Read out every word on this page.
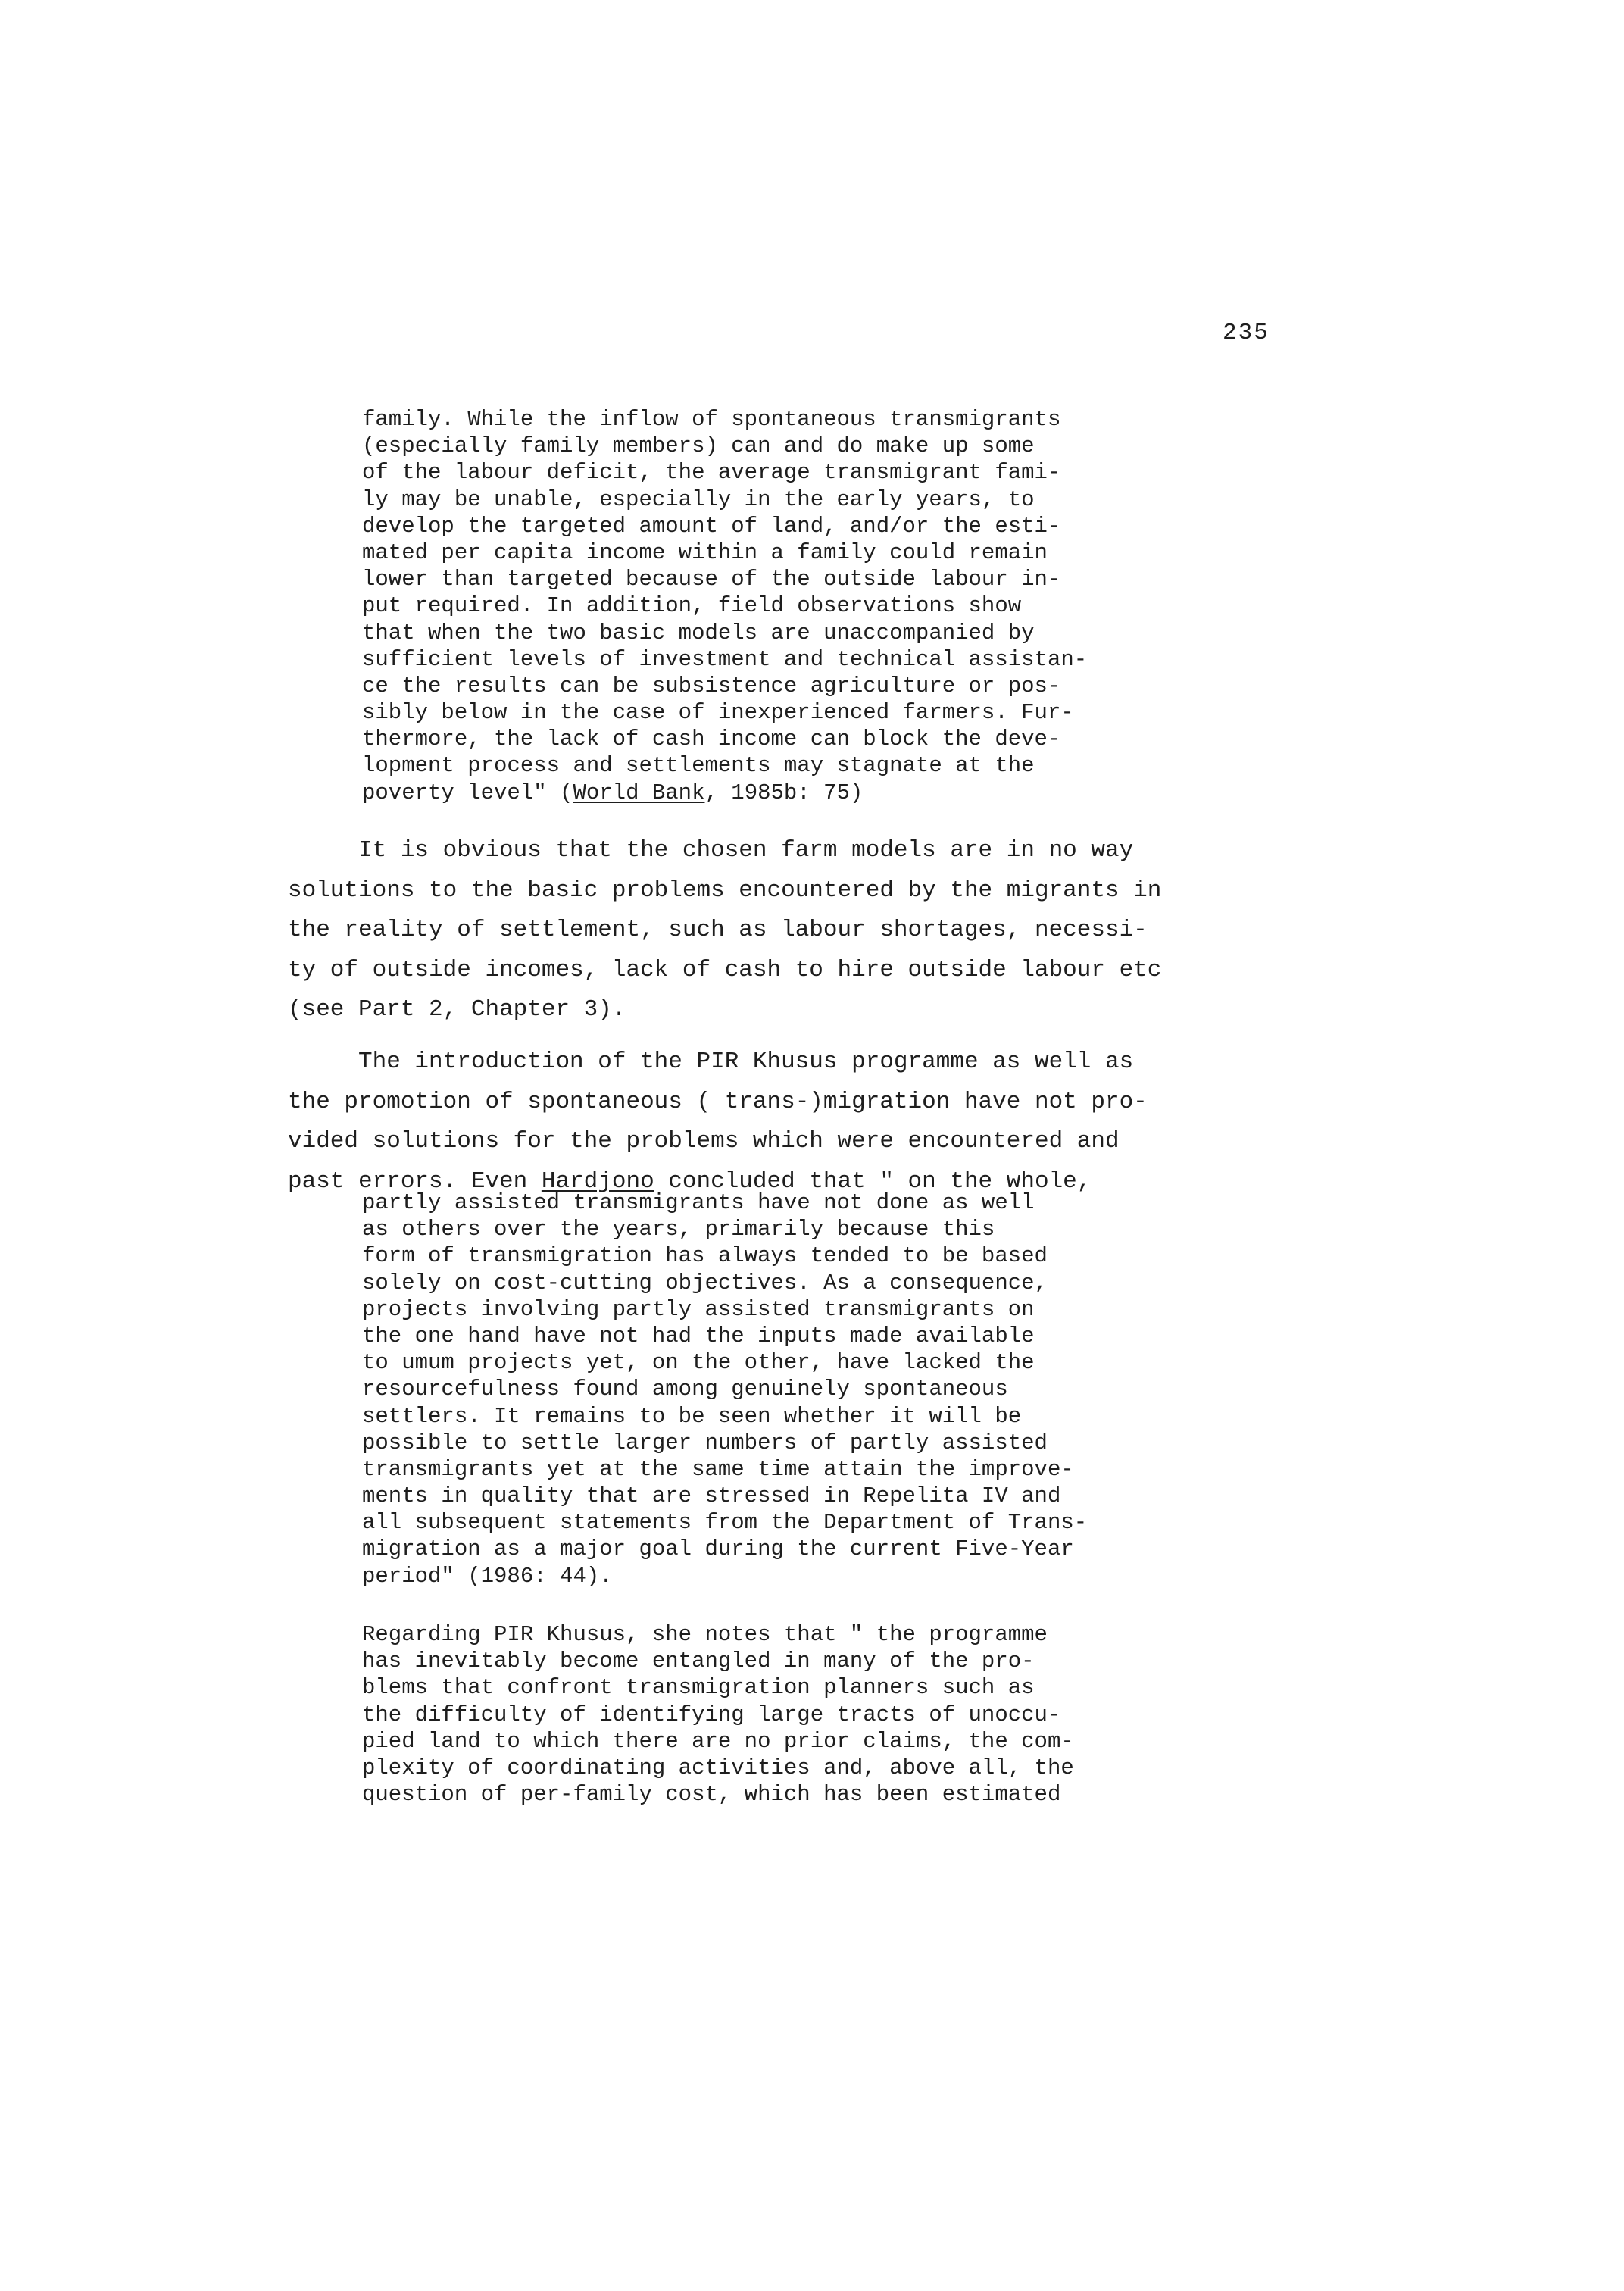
235
family. While the inflow of spontaneous transmigrants
(especially family members) can and do make up some
of the labour deficit, the average transmigrant fami-
ly may be unable, especially in the early years, to
develop the targeted amount of land, and/or the esti-
mated per capita income within a family could remain
lower than targeted because of the outside labour in-
put required. In addition, field observations show
that when the two basic models are unaccompanied by
sufficient levels of investment and technical assistan-
ce the results can be subsistence agriculture or pos-
sibly below in the case of inexperienced farmers. Fur-
thermore, the lack of cash income can block the deve-
lopment process and settlements may stagnate at the
poverty level" (World Bank, 1985b: 75)
It is obvious that the chosen farm models are in no way
solutions to the basic problems encountered by the migrants in
the reality of settlement, such as labour shortages, necessi-
ty of outside incomes, lack of cash to hire outside labour etc
(see Part 2, Chapter 3).
The introduction of the PIR Khusus programme as well as
the promotion of spontaneous ( trans-)migration have not pro-
vided solutions for the problems which were encountered and
past errors. Even Hardjono concluded that " on the whole,
partly assisted transmigrants have not done as well
as others over the years, primarily because this
form of transmigration has always tended to be based
solely on cost-cutting objectives. As a consequence,
projects involving partly assisted transmigrants on
the one hand have not had the inputs made available
to umum projects yet, on the other, have lacked the
resourcefulness found among genuinely spontaneous
settlers. It remains to be seen whether it will be
possible to settle larger numbers of partly assisted
transmigrants yet at the same time attain the improve-
ments in quality that are stressed in Repelita IV and
all subsequent statements from the Department of Trans-
migration as a major goal during the current Five-Year
period" (1986: 44).
Regarding PIR Khusus, she notes that " the programme
has inevitably become entangled in many of the pro-
blems that confront transmigration planners such as
the difficulty of identifying large tracts of unoccu-
pied land to which there are no prior claims, the com-
plexity of coordinating activities and, above all, the
question of per-family cost, which has been estimated
